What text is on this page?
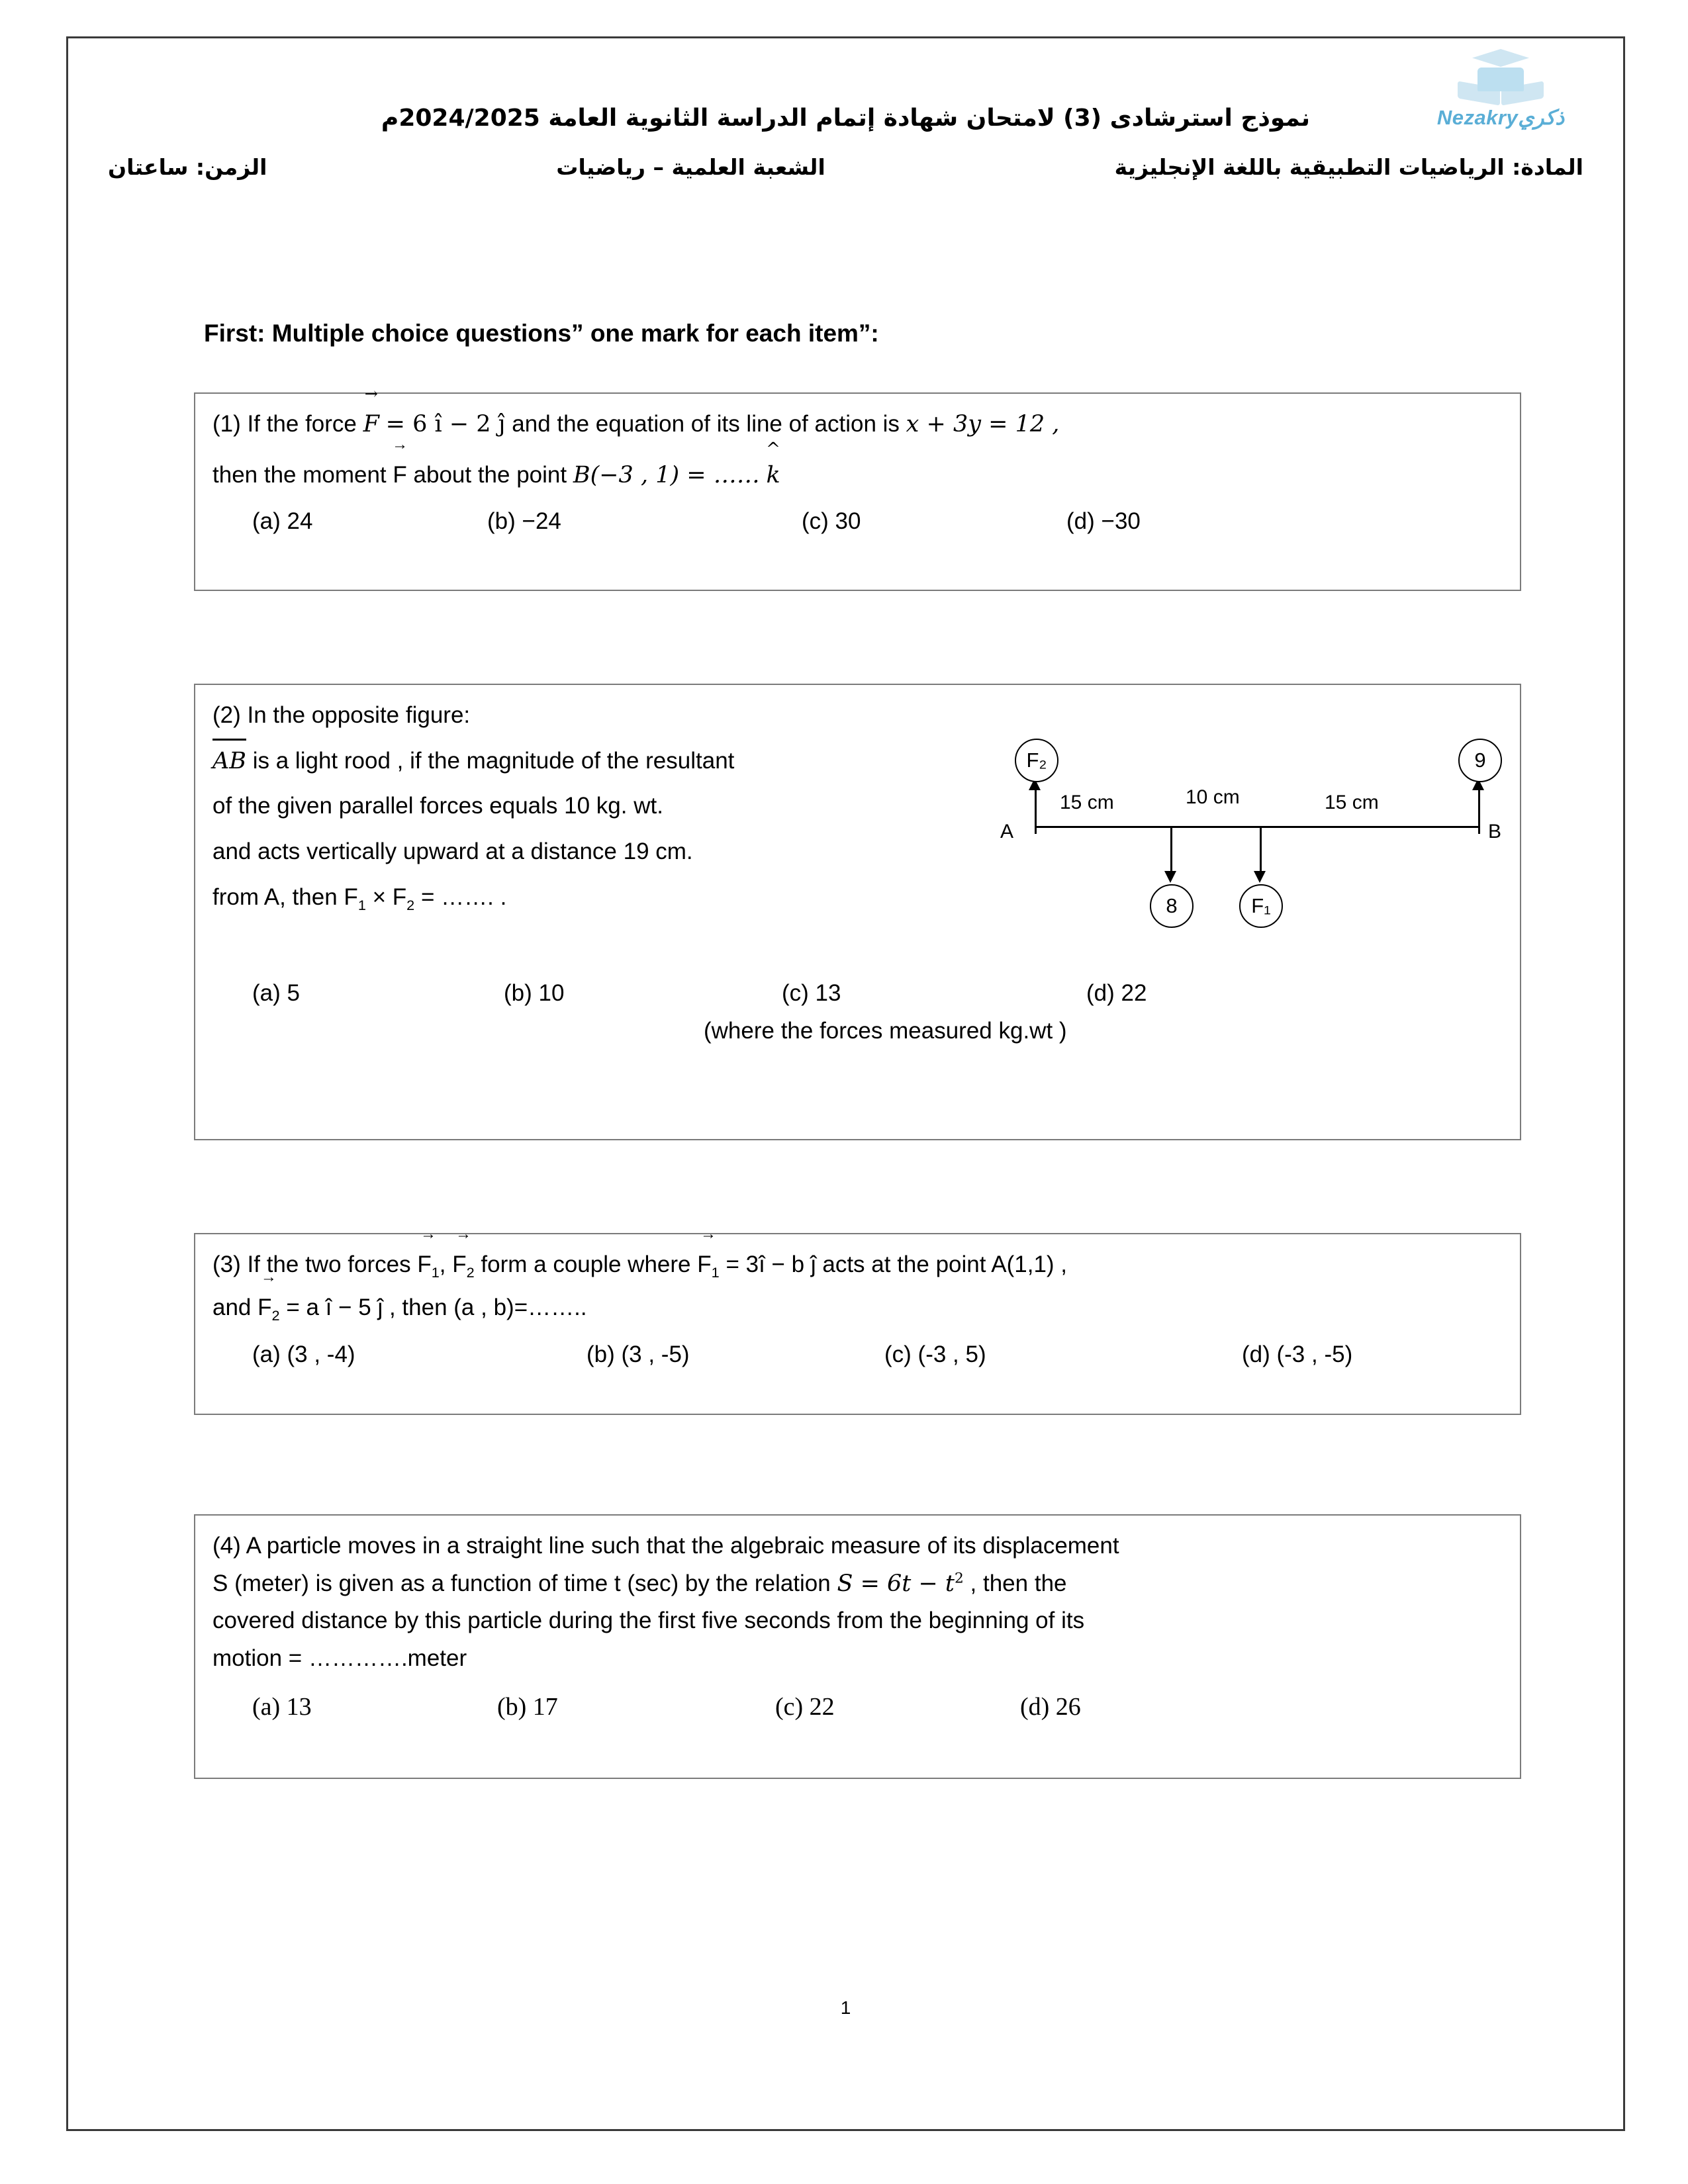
Nezakryذكري
نموذج استرشادى (3) لامتحان شهادة إتمام الدراسة الثانوية العامة 2024/2025م
المادة: الرياضيات التطبيقية باللغة الإنجليزية
الشعبة العلمية – رياضيات
الزمن: ساعتان
First: Multiple choice questions” one mark for each item”:
(1) If the force F → = 6 î − 2 ĵ and the equation of its line of action is x + 3y = 12 ,
then the moment F → about the point B(−3 , 1) = …… k ^
(a) 24	(b) −24	(c) 30	(d) −30
(2) In the opposite figure:
AB is a light rood , if the magnitude of the resultant
of the given parallel forces equals 10 kg. wt.
and acts vertically upward at a distance 19 cm.
from A, then $F_1 \times F_2$ = ……. .
(a) 5	(b) 10	(c) 13	(d) 22
(where the forces measured kg.wt )
F₂	9
8	F₁
A	B
15 cm	10 cm	15 cm
(3) If the two forces $F_1$ →, $F_2$ → form a couple where $F_1$ → = 3î − b ĵ acts at the point A(1,1) ,
and $F_2$ → = a î − 5 ĵ , then (a , b)=……..
(a) (3 , -4)	(b) (3 , -5)	(c) (-3 , 5)	(d) (-3 , -5)
(4) A particle moves in a straight line such that the algebraic measure of its displacement
S (meter) is given as a function of time t (sec) by the relation $S = 6t - t^2$ , then the
covered distance by this particle during the first five seconds from the beginning of its
motion = ………….meter
(a) 13	(b) 17	(c) 22	(d) 26
1
